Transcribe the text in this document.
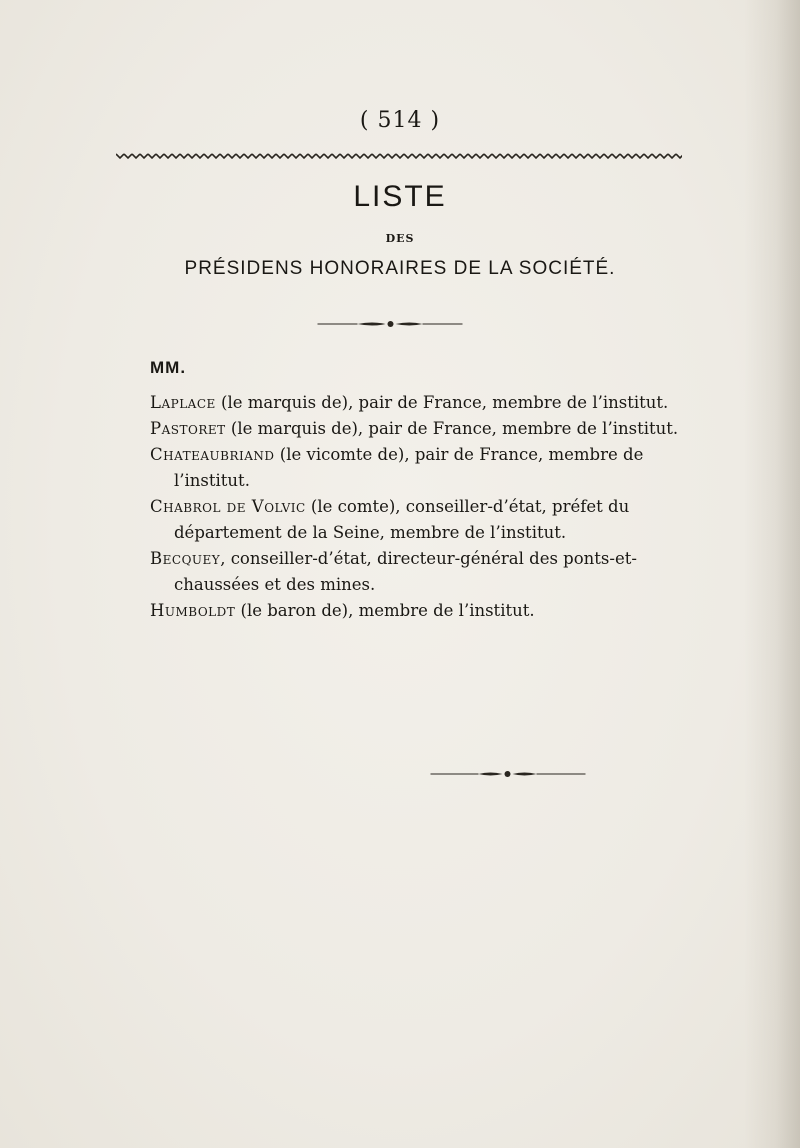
( 514 )
LISTE
DES
PRÉSIDENS HONORAIRES DE LA SOCIÉTÉ.
MM.

Laplace (le marquis de), pair de France, membre de l’institut.

Pastoret (le marquis de), pair de France, membre de l’institut.

Chateaubriand (le vicomte de), pair de France, membre de l’institut.

Chabrol de Volvic (le comte), conseiller-d’état, préfet du département de la Seine, membre de l’institut.

Becquey, conseiller-d’état, directeur-général des ponts-et-chaussées et des mines.

Humboldt (le baron de), membre de l’institut.
